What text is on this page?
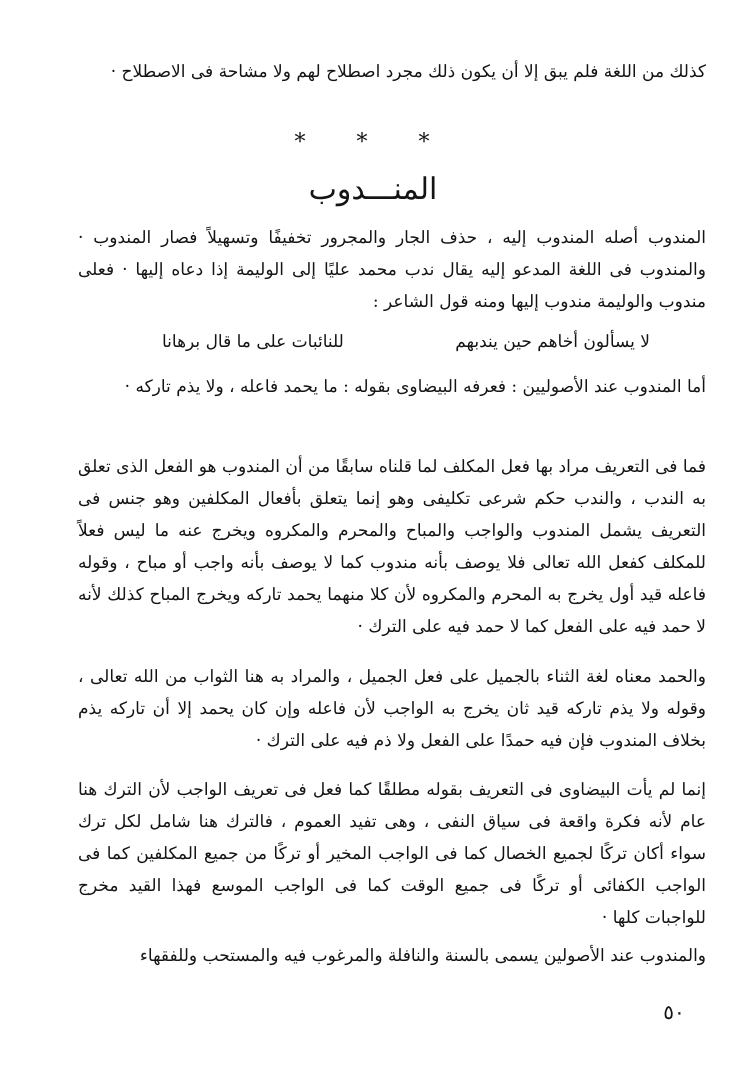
كذلك من اللغة فلم يبق إلا أن يكون ذلك مجرد اصطلاح لهم ولا مشاحة فى الاصطلاح ·

* * *
المنـــدوب

المندوب أصله المندوب إليه ، حذف الجار والمجرور تخفيفًا وتسهيلاً فصار المندوب · والمندوب فى اللغة المدعو إليه يقال ندب محمد عليًا إلى الوليمة إذا دعاه إليها · فعلى مندوب والوليمة مندوب إليها ومنه قول الشاعر :

لا يسألون أخاهم حين يندبهم
للنائبات على ما قال برهانا

أما المندوب عند الأصوليين : فعرفه البيضاوى بقوله : ما يحمد فاعله ، ولا يذم تاركه ·

فما فى التعريف مراد بها فعل المكلف لما قلناه سابقًا من أن المندوب هو الفعل الذى تعلق به الندب ، والندب حكم شرعى تكليفى وهو إنما يتعلق بأفعال المكلفين وهو جنس فى التعريف يشمل المندوب والواجب والمباح والمحرم والمكروه ويخرج عنه ما ليس فعلاً للمكلف كفعل الله تعالى فلا يوصف بأنه مندوب كما لا يوصف بأنه واجب أو مباح ، وقوله فاعله قيد أول يخرج به المحرم والمكروه لأن كلا منهما يحمد تاركه ويخرج المباح كذلك لأنه لا حمد فيه على الفعل كما لا حمد فيه على الترك ·

والحمد معناه لغة الثناء بالجميل على فعل الجميل ، والمراد به هنا الثواب من الله تعالى ، وقوله ولا يذم تاركه قيد ثان يخرج به الواجب لأن فاعله وإن كان يحمد إلا أن تاركه يذم بخلاف المندوب فإن فيه حمدًا على الفعل ولا ذم فيه على الترك ·

إنما لم يأت البيضاوى فى التعريف بقوله مطلقًا كما فعل فى تعريف الواجب لأن الترك هنا عام لأنه فكرة واقعة فى سياق النفى ، وهى تفيد العموم ، فالترك هنا شامل لكل ترك سواء أكان تركًا لجميع الخصال كما فى الواجب المخير أو تركًا من جميع المكلفين كما فى الواجب الكفائى أو تركًا فى جميع الوقت كما فى الواجب الموسع فهذا القيد مخرج للواجبات كلها ·

والمندوب عند الأصولين يسمى بالسنة والنافلة والمرغوب فيه والمستحب وللفقهاء

٥٠
